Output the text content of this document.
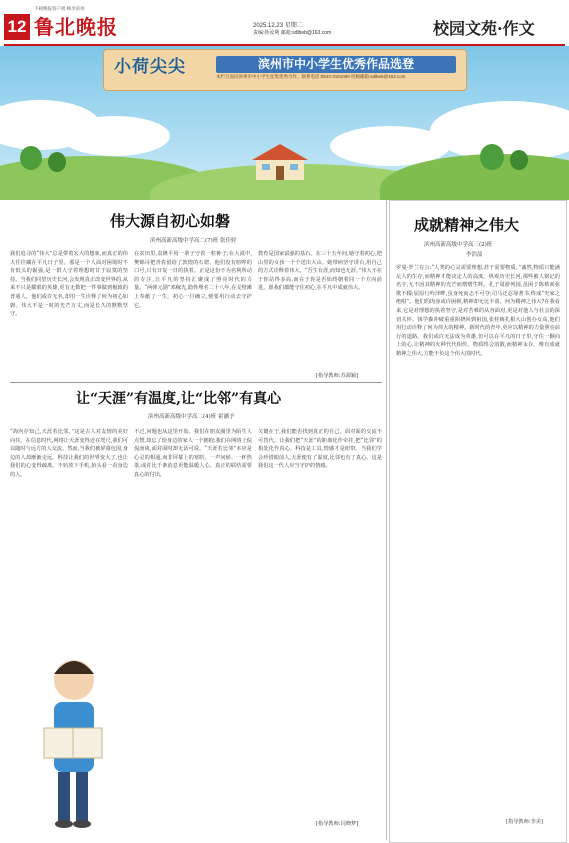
12 鲁北晚报
下载晚报客户端 畅享滨州
2025.12.23 星期二
责编:孙汝利 邮箱:sdlbeb@163.com	校园文苑·作文
小荷尖尖	滨州市中小学生优秀作品选登
本栏目面向滨州市中小学生征集优秀习作。联系电话:0543-3151000 投稿邮箱:sdlbeb@163.com
伟大源自初心如磐
滨州高新高级中学高二(7)班 张佳婷
我们追寻的“伟大”总是带着宏大的想象,而真正的伟大往往藏在平凡日子里。那是一个人面对困境时不肯低头的倔强,是一群人守着理想时甘于寂寞的坚持。当我们回望历史长河,会发现真正改变世界的,从来不只是耀眼的英雄,更有无数把一件事做到极致的普通人。他们或许无名,却用一生诠释了何为初心如磐。伟大不是一时的光芒万丈,而是长久的默默坚守。
在农田里,袁隆平用一辈子守着一粒种子;在大漠中,樊锦诗把青春留给了敦煌的石窟。他们没有喧哗的口号,只有日复一日的执着。正是这份不为名利所动的专注,让平凡的坚持汇聚成了照亮时代的力量。“两弹元勋”邓稼先,隐姓埋名二十八年,在戈壁滩上奉献了一生。初心一旦确立,便要用行动去守护它。
教育是国家富强的基石。在三十五年间,她守着初心,把山里的女孩一个个送出大山。她带病坚守讲台,用自己的方式诠释着伟大。“吾生有涯,而知也无涯。”伟大不在于你站得多高,而在于你是否始终朝着同一个方向前进。愿我们都能守住初心,在平凡中成就伟大。
[指导教师:苏源颖]
让“天涯”有温度,让“比邻”有真心
滨州高新高级中学高二(4)班 霍涵予
“海内存知己,天涯若比邻。”这是古人对友情的美好向往。在信息时代,网络让天涯变得近在咫尺,我们可以随时与远方的人交流。然而,当我们被屏幕包围,身边的人却渐渐走远。科技让我们的世界变大了,也让我们的心变得疏离。不妨放下手机,抬头看一看身边的人。
不过,问题也从这里开始。我们在朋友圈里为陌生人点赞,却忘了给身边的家人一个拥抱;我们在网络上侃侃而谈,面对面时却无话可说。“天涯若比邻”本应是心灵的相通,而非屏幕上的寒暄。一声问候、一杯热茶,或许比千条消息更能温暖人心。真正的联结需要真心的付出。
关键在于,我们能否找到真正的自己。面对面的交流不可替代。让我们把“天涯”的距离化作牵挂,把“比邻”的相处化作真心。科技是工具,情感才是纽带。当我们学会珍惜眼前人,天涯便有了温度,比邻也有了真心。这是我们这一代人应当守护的情感。
[指导教师:闫晓梦]
成就精神之伟大
滨州高新高级中学高三(2)班
李浩喆
罗曼·罗兰有言:“人类的心灵需要理想,甚于需要物质。”诚然,物质只能满足人的生存,而精神才能决定人的高度。纵观历史长河,那些被人铭记的名字,无不因其精神的光芒而熠熠生辉。孔子周游列国,虽困于陈蔡而弦歌不辍;屈原行吟泽畔,虽身死而志不可夺;司马迁忍辱著书,终成“史家之绝唱”。他们的肉身或许困顿,精神却无比丰盈。何为精神之伟大?在我看来,它是对理想的执着坚守,是对苦难的从容面对,更是对他人与社会的深切关怀。钱学森冲破重重阻挠回到祖国,张桂梅扎根大山创办女高,他们用行动诠释了何为伟大的精神。新时代的青年,更应以精神的力量照亮前行的道路。我们或许无法成为英雄,但可以在平凡的日子里,守住一颗向上的心,让精神的火种代代相传。物质终会消散,而精神永存。唯有成就精神之伟大,方能不负这个伟大的时代。
[指导教师:李美]
